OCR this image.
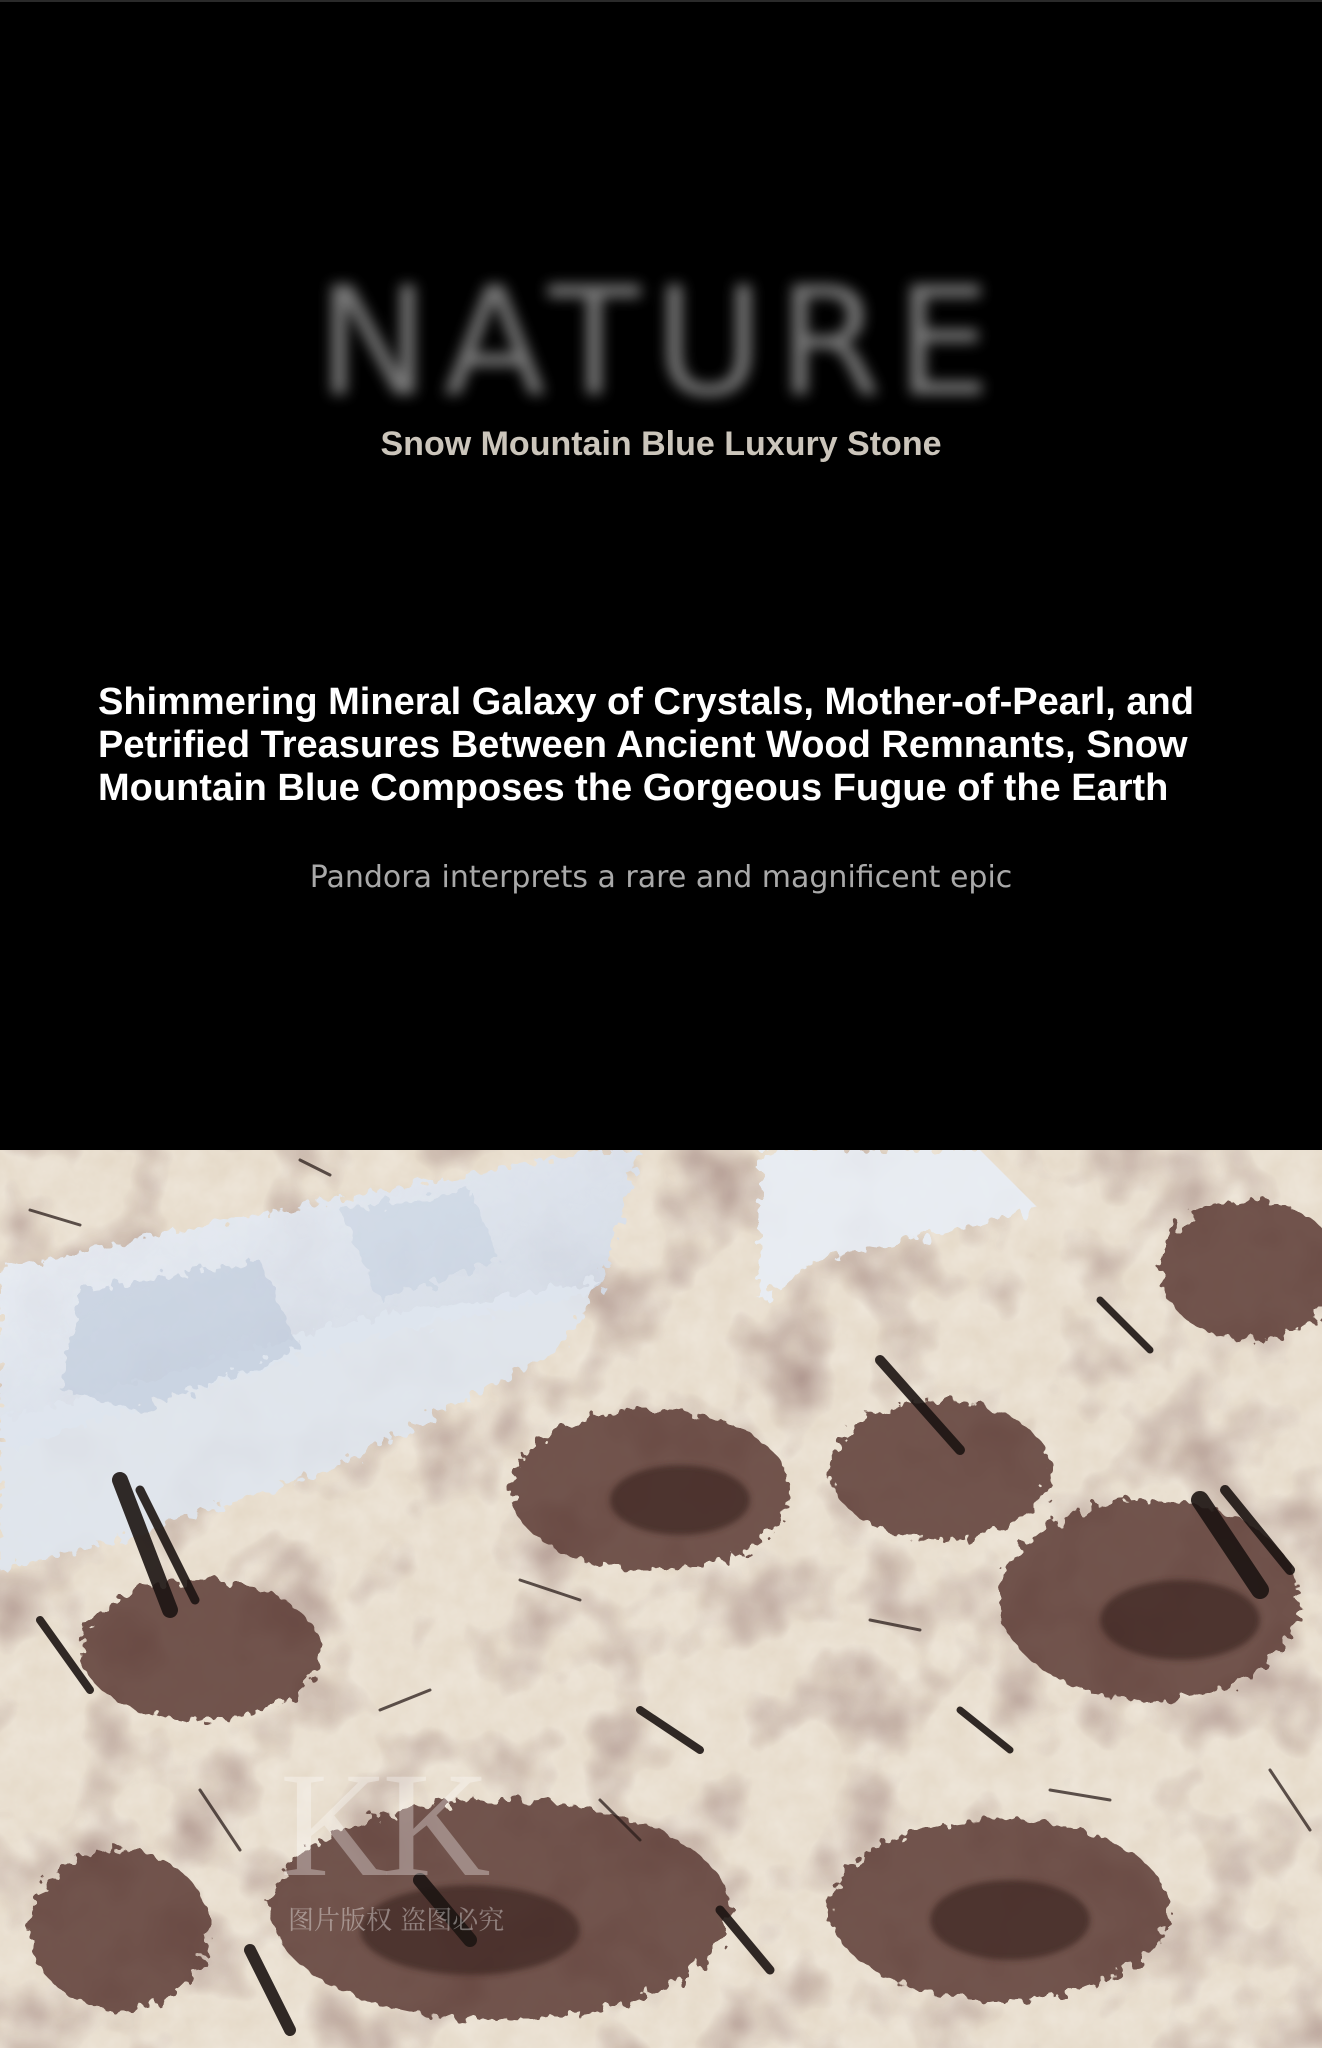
NATURE

Snow Mountain Blue Luxury Stone

Shimmering Mineral Galaxy of Crystals, Mother-of-Pearl, and Petrified Treasures Between Ancient Wood Remnants, Snow Mountain Blue Composes the Gorgeous Fugue of the Earth

Pandora interprets a rare and magnificent epic

KK
图片版权 盗图必究
